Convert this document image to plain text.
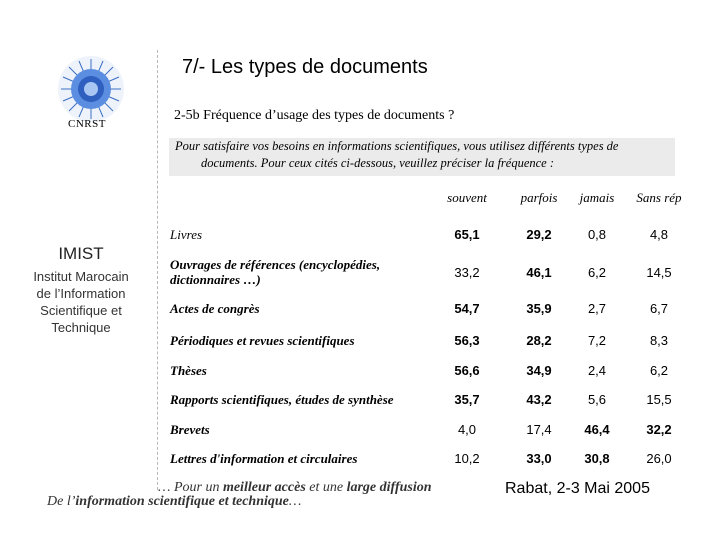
CNRST
7/- Les types de documents
2-5b Fréquence d’usage des types de documents ?
Pour satisfaire vos besoins en informations scientifiques, vous utilisez différents types de
documents. Pour ceux cités ci-dessous, veuillez préciser la fréquence :
IMIST
Institut Marocain
de l’Information
Scientifique et
Technique
	souvent	parfois	jamais	Sans rép
Livres	65,1	29,2	0,8	4,8
Ouvrages de références (encyclopédies, dictionnaires …)	33,2	46,1	6,2	14,5
Actes de congrès	54,7	35,9	2,7	6,7
Périodiques et revues scientifiques	56,3	28,2	7,2	8,3
Thèses	56,6	34,9	2,4	6,2
Rapports scientifiques, études de synthèse	35,7	43,2	5,6	15,5
Brevets	4,0	17,4	46,4	32,2
Lettres d'information et circulaires	10,2	33,0	30,8	26,0
… Pour un meilleur accès et une large diffusion
De l’information scientifique et technique…
Rabat, 2-3 Mai 2005
